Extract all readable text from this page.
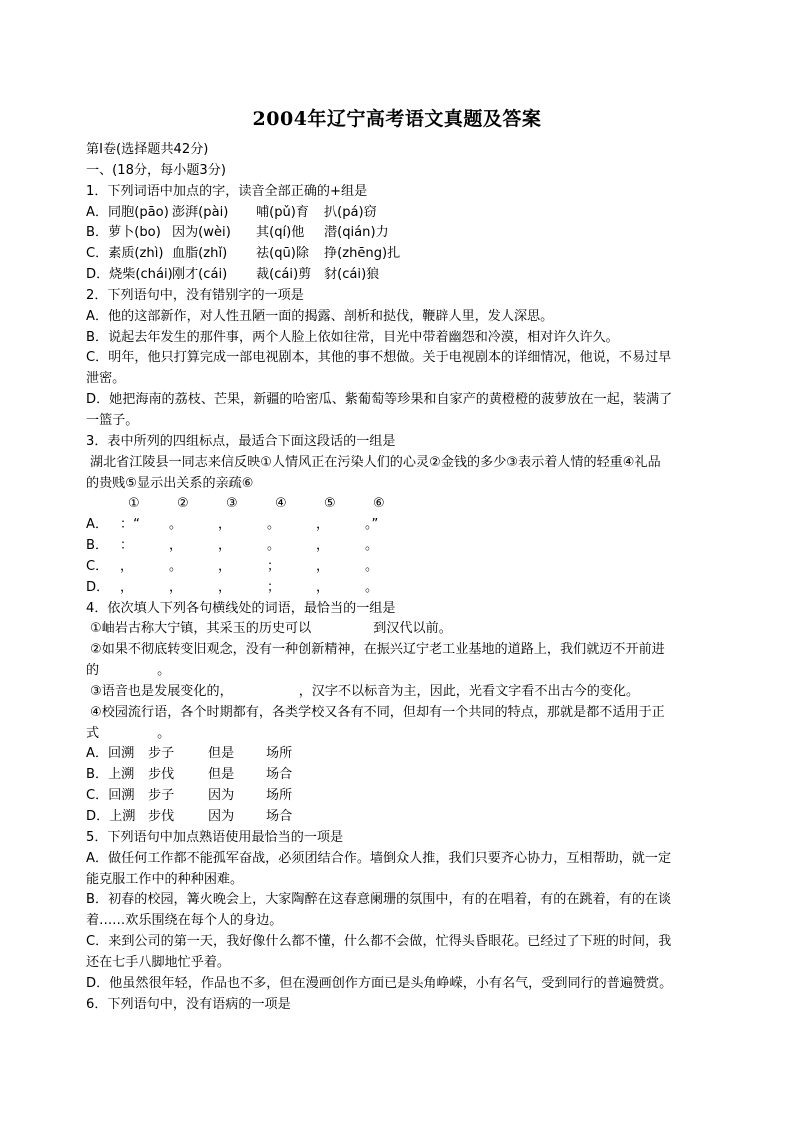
2004年辽宁高考语文真题及答案
第Ⅰ卷(选择题共42分)
一、(18分，每小题3分)
1．下列词语中加点的字，读音全部正确的+组是
A．同胞(pāo) 澎湃(pài) 哺(pǔ)育 扒(pá)窃
B．萝卜(bo) 因为(wèi) 其(qí)他 潜(qián)力
C．素质(zhì) 血脂(zhǐ) 祛(qū)除 挣(zhēng)扎
D．烧柴(chái)刚才(cái) 裁(cái)剪 豺(cái)狼
2．下列语句中，没有错别字的一项是
A．他的这部新作，对人性丑陋一面的揭露、剖析和挞伐，鞭辟人里，发人深思。
B．说起去年发生的那件事，两个人脸上依如往常，目光中带着幽怨和冷漠，相对许久许久。
C．明年，他只打算完成一部电视剧本，其他的事不想做。关于电视剧本的详细情况，他说，不易过早
泄密。
D．她把海南的荔枝、芒果，新疆的哈密瓜、紫葡萄等珍果和自家产的黄橙橙的菠萝放在一起，装满了
一篮子。
3．表中所列的四组标点，最适合下面这段话的一组是
湖北省江陵县一同志来信反映①人情风正在污染人们的心灵②金钱的多少③表示着人情的轻重④礼品
的贵贱⑤显示出关系的亲疏⑥
①	②	③	④	⑤	⑥
A． ：“ 。	，	。	，	。”
B． ：	，	，	。	，	。
C． ，	。	，	；	，	。
D． ，	，	，	；	，	。
4．依次填人下列各句横线处的词语，最恰当的一组是
①岫岩古称大宁镇，其采玉的历史可以	到汉代以前。
②如果不彻底转变旧观念，没有一种创新精神，在振兴辽宁老工业基地的道路上，我们就迈不开前进
的	。
③语音也是发展变化的，	，汉字不以标音为主，因此，光看文字看不出古今的变化。
④校园流行语，各个时期都有，各类学校又各有不同，但却有一个共同的特点，那就是都不适用于正
式	。
A．回溯 步子	但是 场所
B．上溯 步伐	但是 场合
C．回溯 步子	因为 场所
D．上溯 步伐	因为 场合
5．下列语句中加点熟语使用最恰当的一项是
A．做任何工作都不能孤军奋战，必须团结合作。墙倒众人推，我们只要齐心协力，互相帮助，就一定
能克服工作中的种种困难。
B．初春的校园，篝火晚会上，大家陶醉在这春意阑珊的氛围中，有的在唱着，有的在跳着，有的在谈
着……欢乐围绕在每个人的身边。
C．来到公司的第一天，我好像什么都不懂，什么都不会做，忙得头昏眼花。已经过了下班的时间，我
还在七手八脚地忙乎着。
D．他虽然很年轻，作品也不多，但在漫画创作方面已是头角峥嵘，小有名气，受到同行的普遍赞赏。
6．下列语句中，没有语病的一项是
